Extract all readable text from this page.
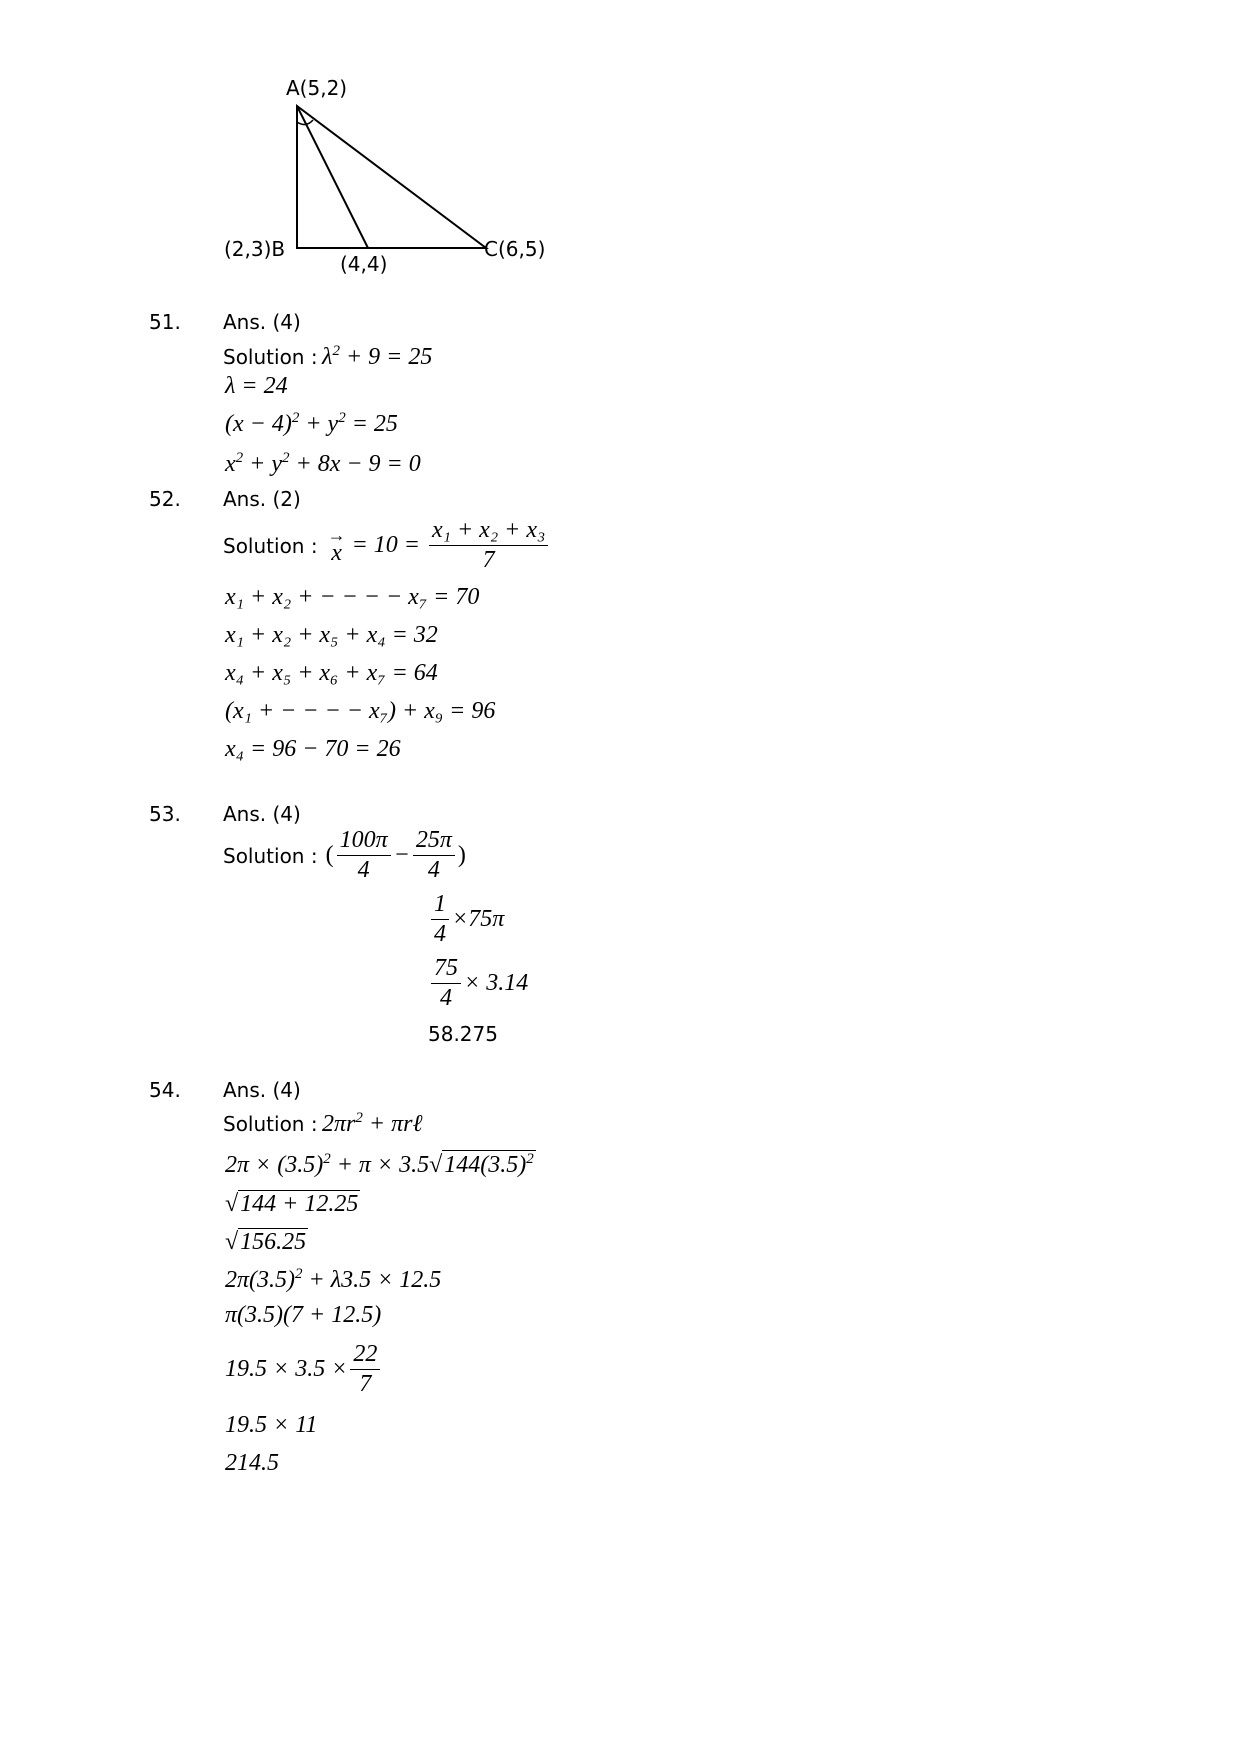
A(5,2)
(2,3)B	C(6,5)
(4,4)
51. Ans. (4)
Solution : $\lambda^2 + 9 = 25$
λ = 24
$(x - 4)^2 + y^2 = 25$
$x^2 + y^2 + 8x - 9 = 0$
52. Ans. (2)
Solution : →
$x = 10 = \frac{\text{x₁ + x₂ + x₃}}{7}$
x₁ + x₂ + − − − − x₇ = 70
x₁ + x₂ + x₅ + x₄ = 32
x₄ + x₅ + x₆ + x₇ = 64
(x₁ + − − − − x₇) + x₉ = 96
x₄ = 96 − 70 = 26
53. Ans. (4)
Solution : ( $\frac{100\pi}{4} - \frac{25\pi}{4}$ )
$\frac{1}{4} \times 75\pi$
$\frac{75}{4} \times 3.14$
58.275
54. Ans. (4)
Solution : $2\pi r^2$ + πrℓ
$2\pi \times (3.5)^2 + \pi \times 3.5√144(3.5)^2$
√144 + 12.25
√156.25
$2\pi(3.5)^2 + \lambda 3.5 \times 12.5$
π(3.5)(7 + 12.5)
$19.5 \times 3.5 \times \frac{22}{7}$
19.5 × 11
214.5
